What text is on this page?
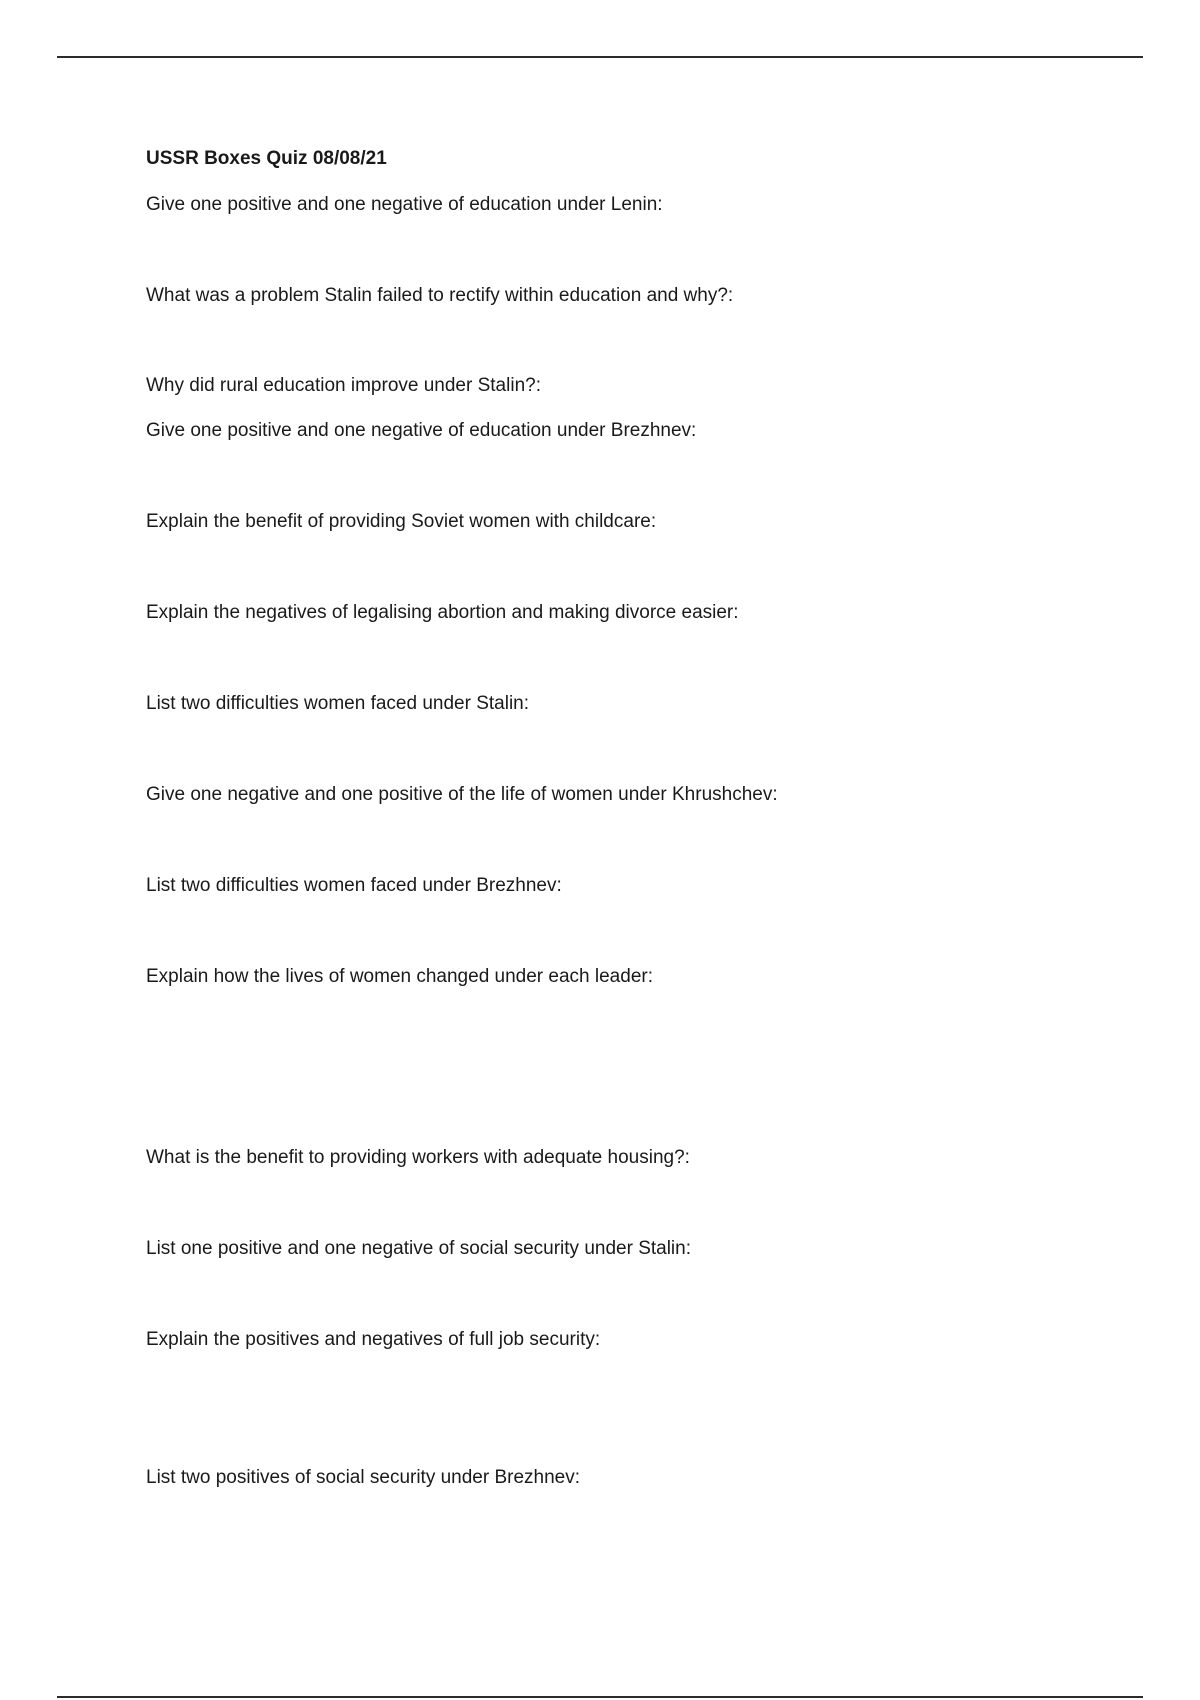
USSR Boxes Quiz 08/08/21
Give one positive and one negative of education under Lenin:
What was a problem Stalin failed to rectify within education and why?:
Why did rural education improve under Stalin?:
Give one positive and one negative of education under Brezhnev:
Explain the benefit of providing Soviet women with childcare:
Explain the negatives of legalising abortion and making divorce easier:
List two difficulties women faced under Stalin:
Give one negative and one positive of the life of women under Khrushchev:
List two difficulties women faced under Brezhnev:
Explain how the lives of women changed under each leader:
What is the benefit to providing workers with adequate housing?:
List one positive and one negative of social security under Stalin:
Explain the positives and negatives of full job security:
List two positives of social security under Brezhnev:
